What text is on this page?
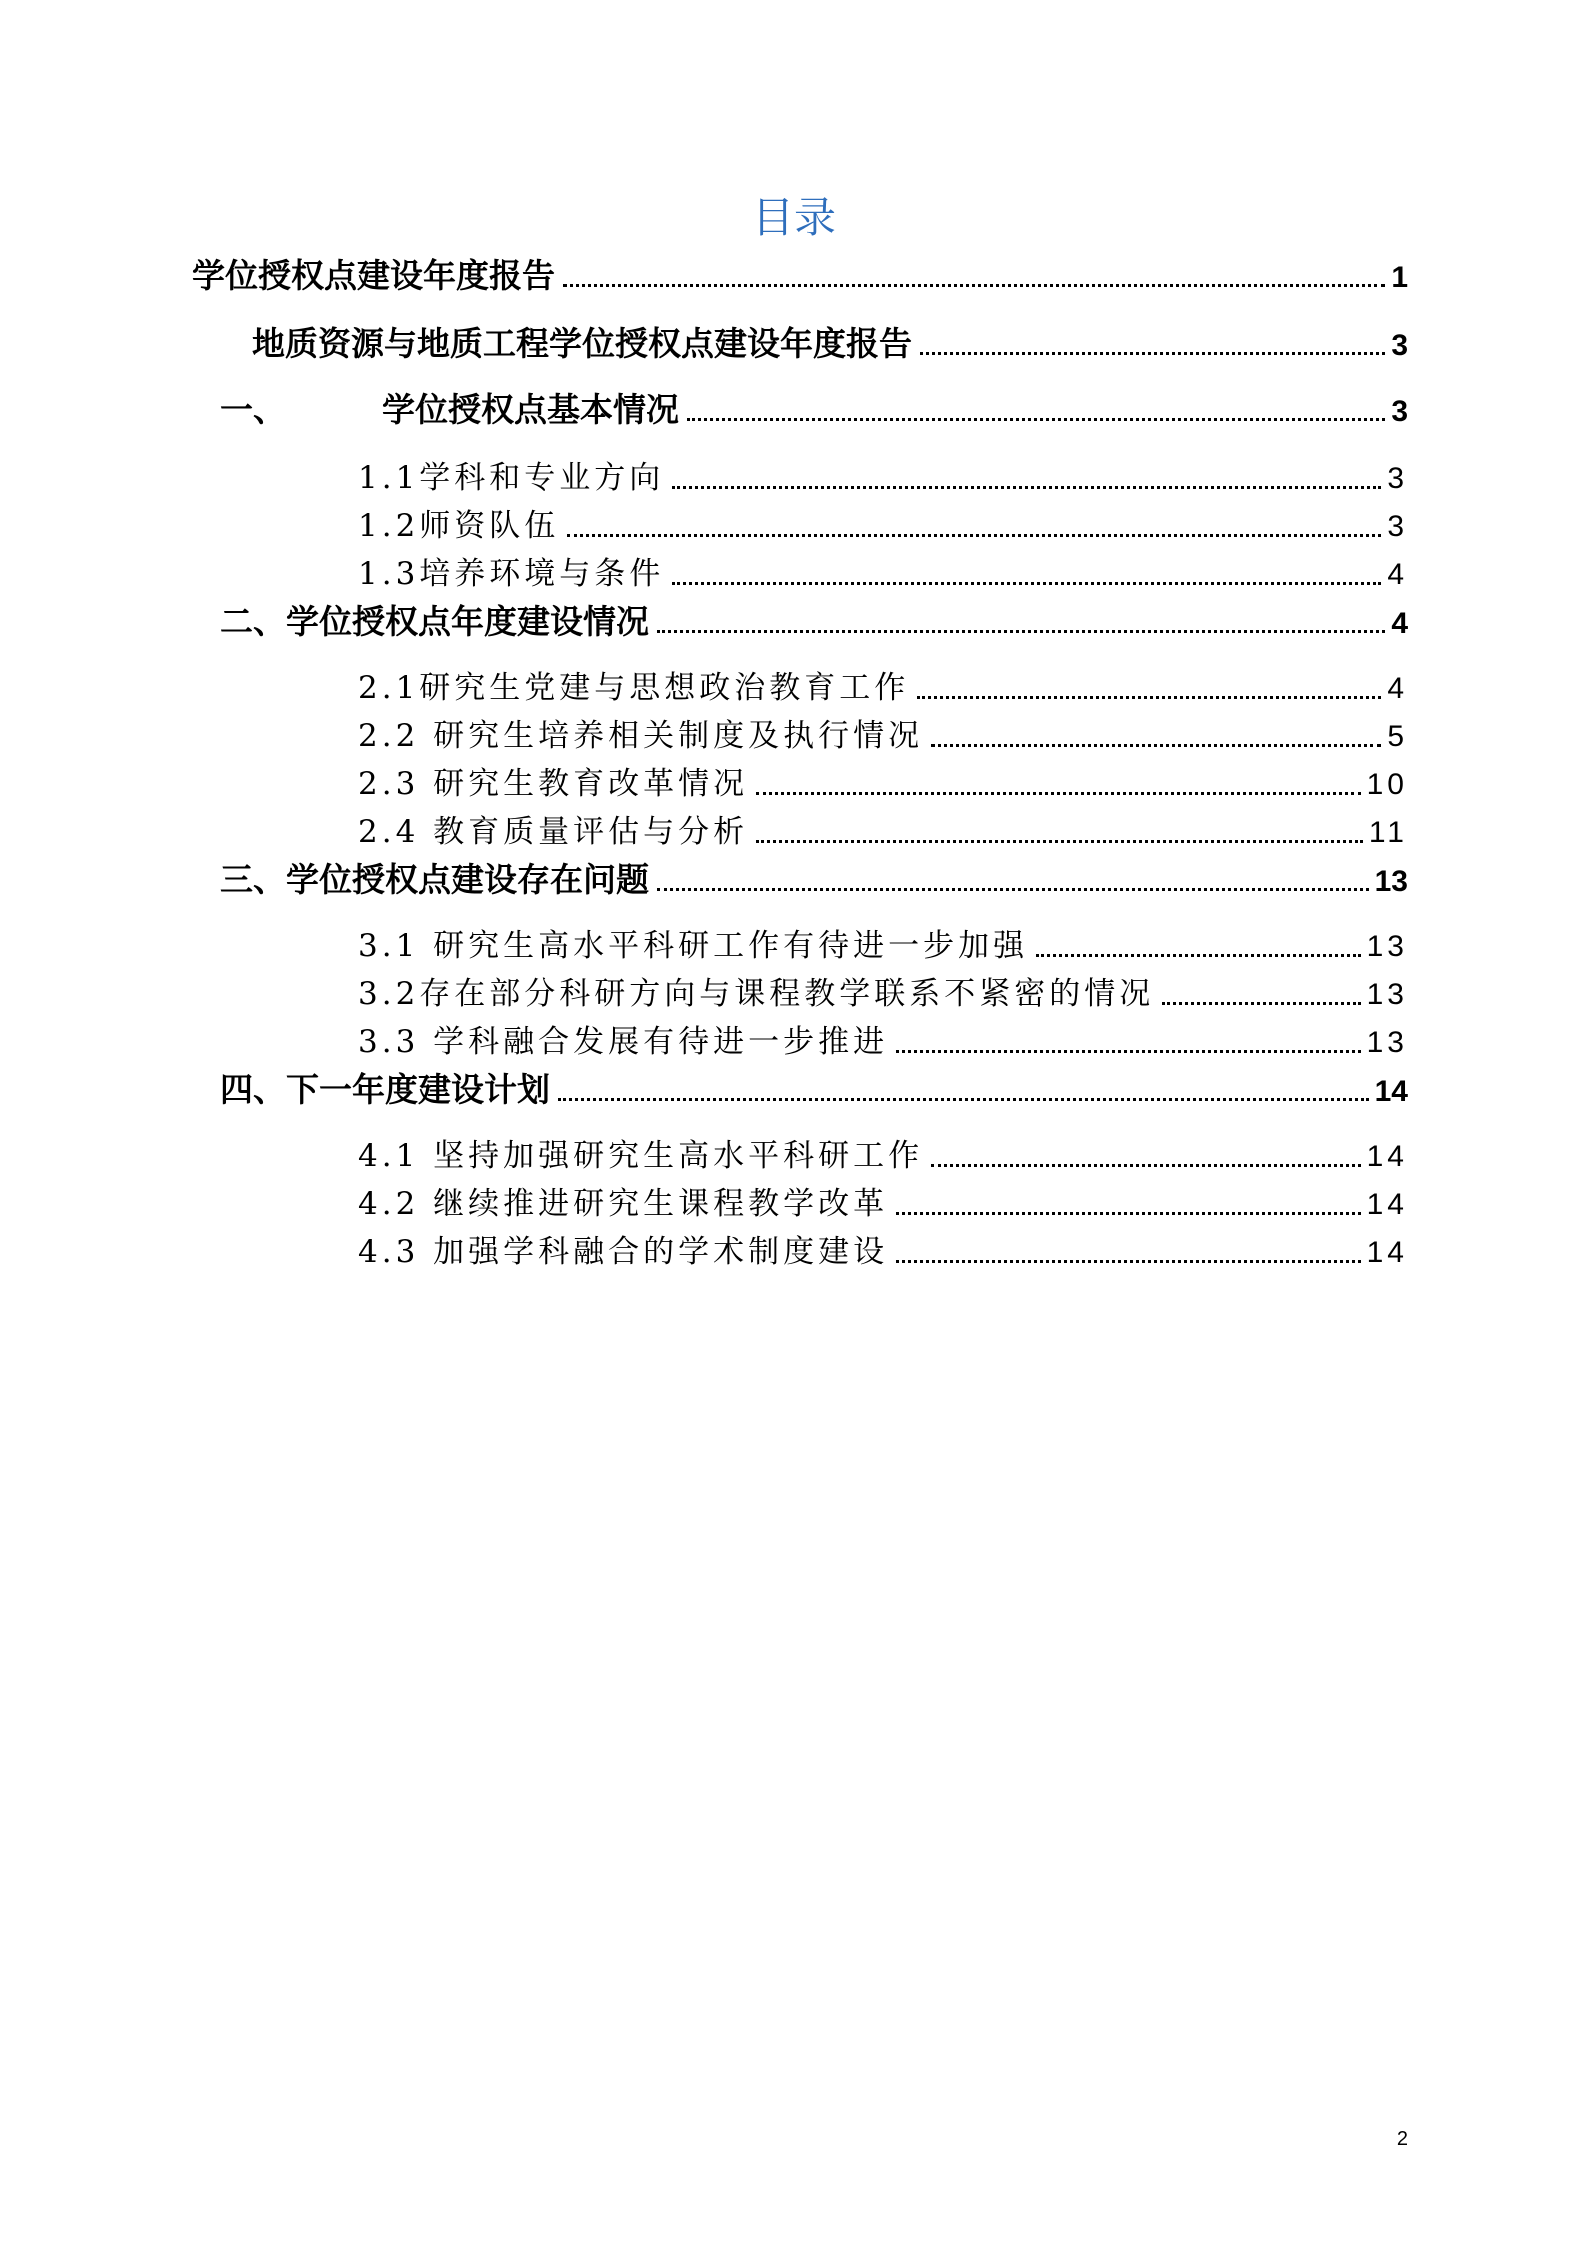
目录
学位授权点建设年度报告	1
地质资源与地质工程学位授权点建设年度报告	3
一、	学位授权点基本情况	3
1.1学科和专业方向	3
1.2师资队伍	3
1.3培养环境与条件	4
二、学位授权点年度建设情况	4
2.1研究生党建与思想政治教育工作	4
2.2 研究生培养相关制度及执行情况	5
2.3 研究生教育改革情况	10
2.4 教育质量评估与分析	11
三、学位授权点建设存在问题	13
3.1 研究生高水平科研工作有待进一步加强	13
3.2存在部分科研方向与课程教学联系不紧密的情况	13
3.3 学科融合发展有待进一步推进	13
四、下一年度建设计划	14
4.1 坚持加强研究生高水平科研工作	14
4.2 继续推进研究生课程教学改革	14
4.3 加强学科融合的学术制度建设	14
2
